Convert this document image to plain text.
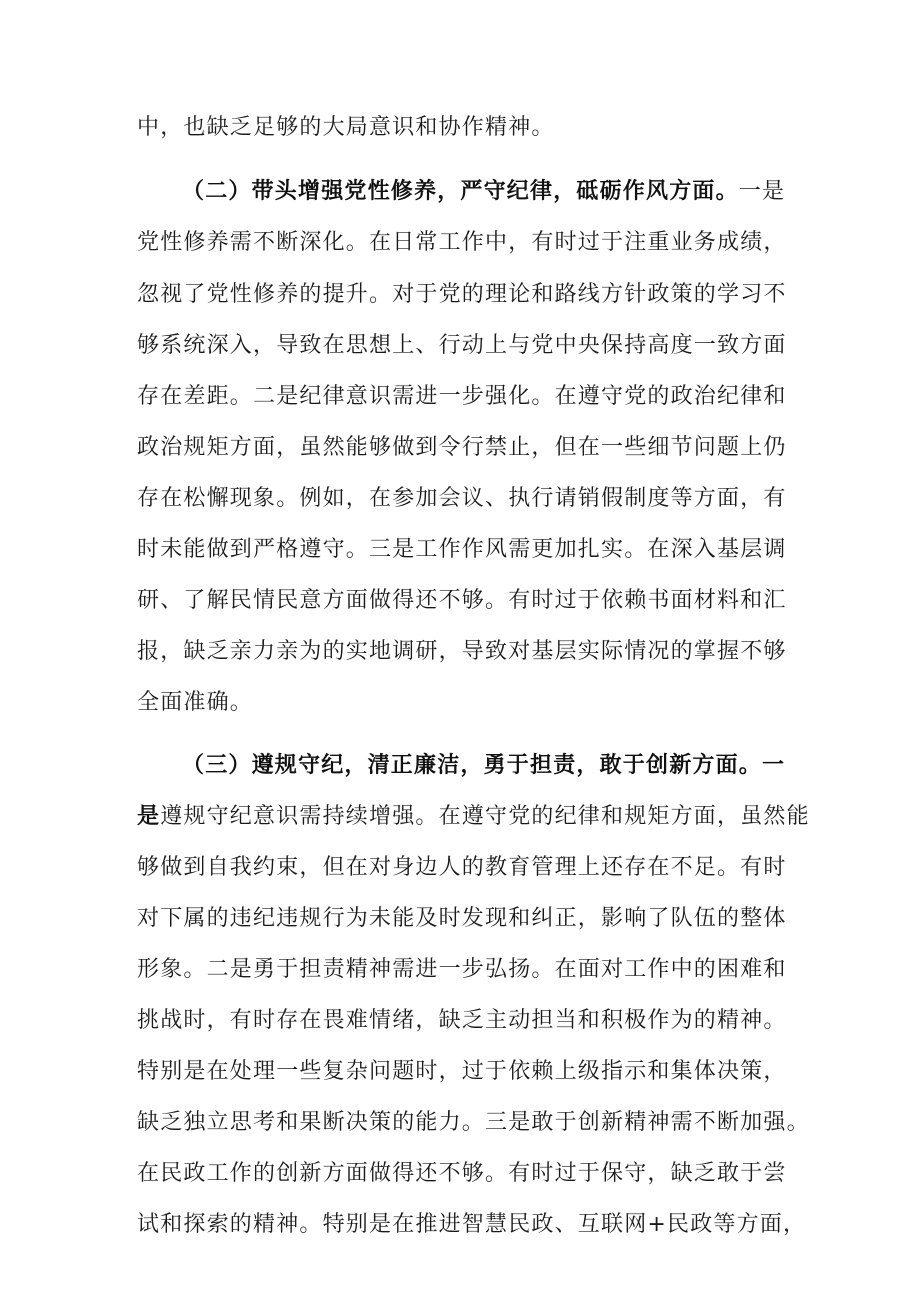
中，也缺乏足够的大局意识和协作精神。
（二）带头增强党性修养，严守纪律，砥砺作风方面。一是
党性修养需不断深化。在日常工作中，有时过于注重业务成绩，
忽视了党性修养的提升。对于党的理论和路线方针政策的学习不
够系统深入，导致在思想上、行动上与党中央保持高度一致方面
存在差距。二是纪律意识需进一步强化。在遵守党的政治纪律和
政治规矩方面，虽然能够做到令行禁止，但在一些细节问题上仍
存在松懈现象。例如，在参加会议、执行请销假制度等方面，有
时未能做到严格遵守。三是工作作风需更加扎实。在深入基层调
研、了解民情民意方面做得还不够。有时过于依赖书面材料和汇
报，缺乏亲力亲为的实地调研，导致对基层实际情况的掌握不够
全面准确。
（三）遵规守纪，清正廉洁，勇于担责，敢于创新方面。一
是遵规守纪意识需持续增强。在遵守党的纪律和规矩方面，虽然能
够做到自我约束，但在对身边人的教育管理上还存在不足。有时
对下属的违纪违规行为未能及时发现和纠正，影响了队伍的整体
形象。二是勇于担责精神需进一步弘扬。在面对工作中的困难和
挑战时，有时存在畏难情绪，缺乏主动担当和积极作为的精神。
特别是在处理一些复杂问题时，过于依赖上级指示和集体决策，
缺乏独立思考和果断决策的能力。三是敢于创新精神需不断加强。
在民政工作的创新方面做得还不够。有时过于保守，缺乏敢于尝
试和探索的精神。特别是在推进智慧民政、互联网+民政等方面，
